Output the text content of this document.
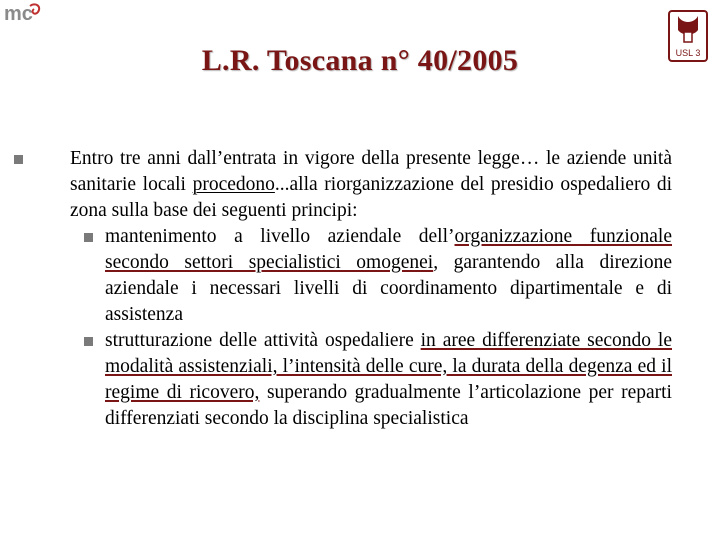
mc
USL 3
L.R. Toscana n° 40/2005
Entro tre anni dall’entrata in vigore della presente legge… le aziende unità sanitarie locali procedono...alla riorganizzazione del presidio ospedaliero di zona sulla base dei seguenti principi:
mantenimento a livello aziendale dell’organizzazione funzionale secondo settori specialistici omogenei, garantendo alla direzione aziendale i necessari livelli di coordinamento dipartimentale e di assistenza
strutturazione delle attività ospedaliere in aree differenziate secondo le modalità assistenziali, l’intensità delle cure, la durata della degenza ed il regime di ricovero, superando gradualmente l’articolazione per reparti differenziati secondo la disciplina specialistica
